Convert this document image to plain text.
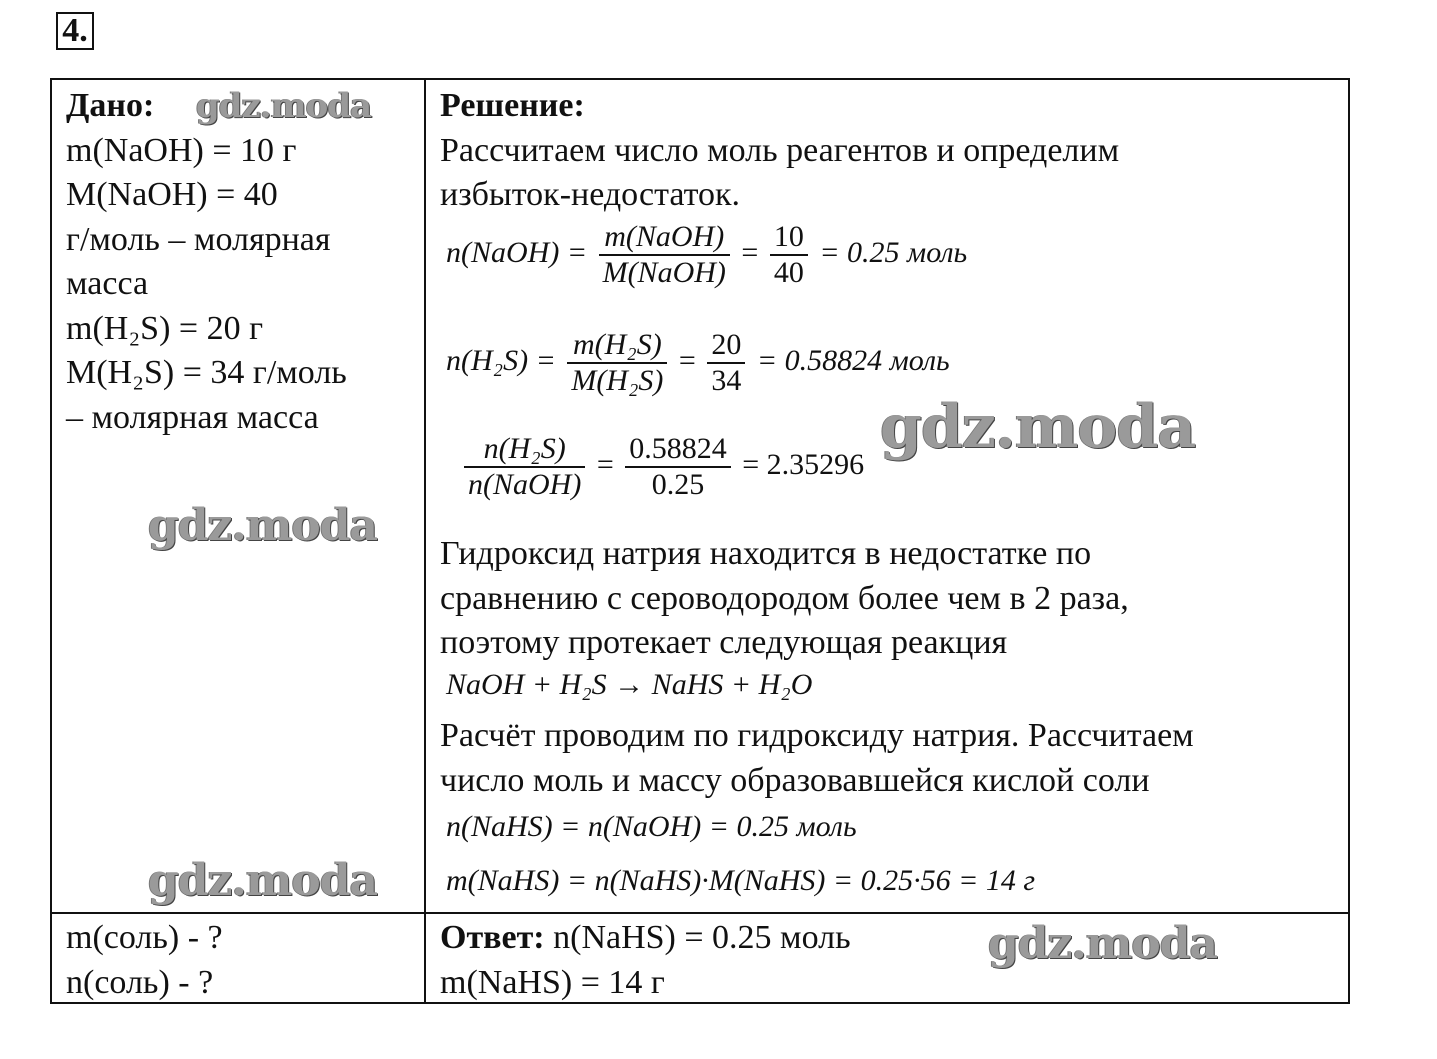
4.
Дано:
m(NaOH) = 10 г
M(NaOH) = 40
г/моль – молярная
масса
m(H₂S) = 20 г
M(H₂S) = 34 г/моль
– молярная масса
Решение:
Рассчитаем число моль реагентов и определим
избыток-недостаток.
n(NaOH) = $\frac{\text{m(NaOH)}}{\text{M(NaOH)}} = \frac{10}{40} = 0.25$ моль
$n(H_2S) = \frac{\text{m(H₂S)}}{\text{M(H₂S)}} = \frac{20}{34} = 0.58824$ моль
$\frac{\text{n(H₂S)}}{\text{n(NaOH)}} = \frac{0.58824}{0.25} = 2.35296$
Гидроксид натрия находится в недостатке по
сравнению с сероводородом более чем в 2 раза,
поэтому протекает следующая реакция
NaOH + H₂S → NaHS + H₂O
Расчёт проводим по гидроксиду натрия. Рассчитаем
число моль и массу образовавшейся кислой соли
n(NaHS) = n(NaOH) = 0.25 моль
m(NaHS) = n(NaHS)·M(NaHS) = 0.25·56 = 14 г
m(соль) - ?
n(соль) - ?
Ответ: n(NaHS) = 0.25 моль
m(NaHS) = 14 г
gdz.moda
gdz.moda
gdz.moda
gdz.moda
gdz.moda
